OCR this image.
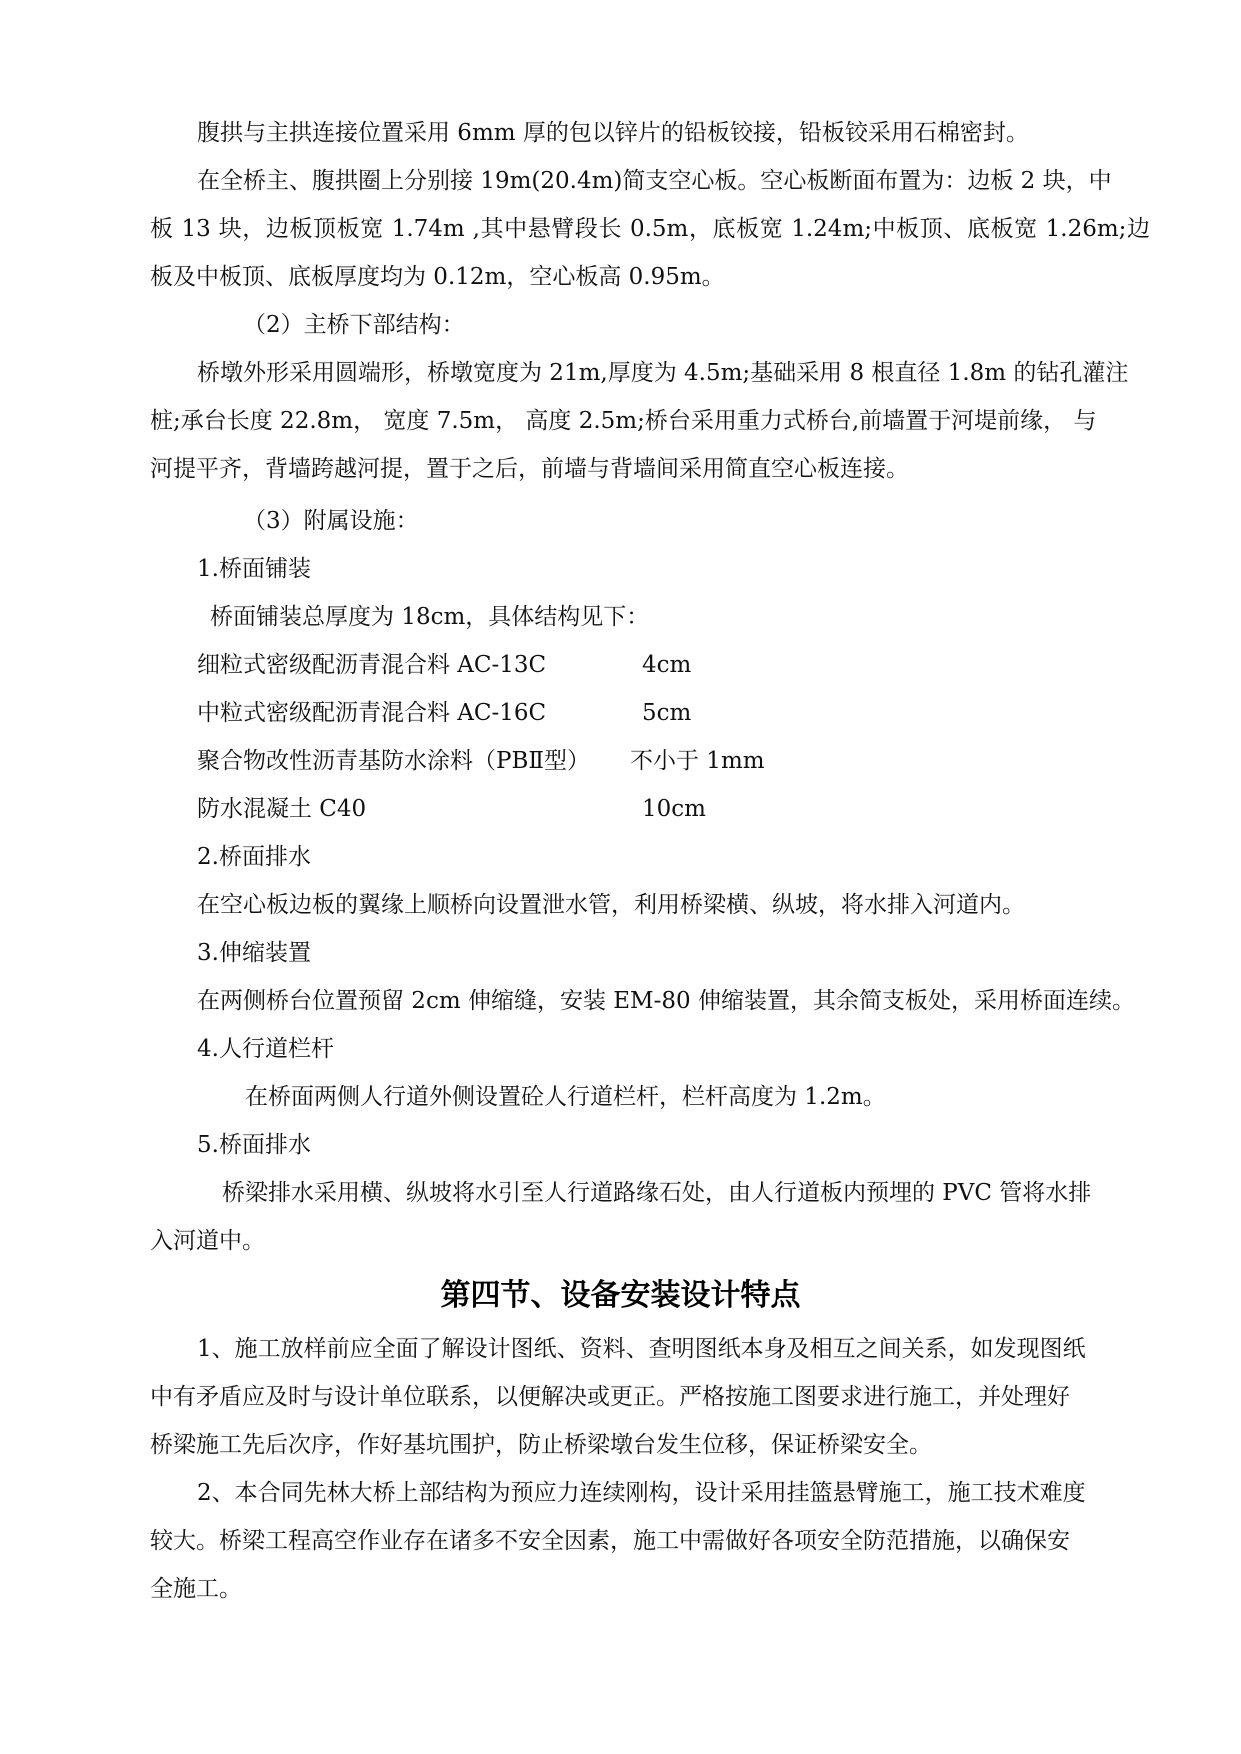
腹拱与主拱连接位置采用 6mm 厚的包以锌片的铅板铰接，铅板铰采用石棉密封。
在全桥主、腹拱圈上分别接 19m(20.4m)简支空心板。空心板断面布置为：边板 2 块，中
板 13 块，边板顶板宽 1.74m ,其中悬臂段长 0.5m，底板宽 1.24m;中板顶、底板宽 1.26m;边
板及中板顶、底板厚度均为 0.12m，空心板高 0.95m。
（2）主桥下部结构：
桥墩外形采用圆端形，桥墩宽度为 21m,厚度为 4.5m;基础采用 8 根直径 1.8m 的钻孔灌注
桩;承台长度 22.8m， 宽度 7.5m， 高度 2.5m;桥台采用重力式桥台,前墙置于河堤前缘， 与
河提平齐，背墙跨越河提，置于之后，前墙与背墙间采用简直空心板连接。
（3）附属设施：
1.桥面铺装
桥面铺装总厚度为 18cm，具体结构见下：
细粒式密级配沥青混合料 AC-13C	4cm
中粒式密级配沥青混合料 AC-16C	5cm
聚合物改性沥青基防水涂料（PBⅡ型） 不小于 1mm
防水混凝土 C40	10cm
2.桥面排水
在空心板边板的翼缘上顺桥向设置泄水管，利用桥梁横、纵坡，将水排入河道内。
3.伸缩装置
在两侧桥台位置预留 2cm 伸缩缝，安装 EM-80 伸缩装置，其余简支板处，采用桥面连续。
4.人行道栏杆
在桥面两侧人行道外侧设置砼人行道栏杆，栏杆高度为 1.2m。
5.桥面排水
桥梁排水采用横、纵坡将水引至人行道路缘石处，由人行道板内预埋的 PVC 管将水排
入河道中。
第四节、设备安装设计特点
1、施工放样前应全面了解设计图纸、资料、查明图纸本身及相互之间关系，如发现图纸
中有矛盾应及时与设计单位联系，以便解决或更正。严格按施工图要求进行施工，并处理好
桥梁施工先后次序，作好基坑围护，防止桥梁墩台发生位移，保证桥梁安全。
2、本合同先林大桥上部结构为预应力连续刚构，设计采用挂篮悬臂施工，施工技术难度
较大。桥梁工程高空作业存在诸多不安全因素，施工中需做好各项安全防范措施，以确保安
全施工。
